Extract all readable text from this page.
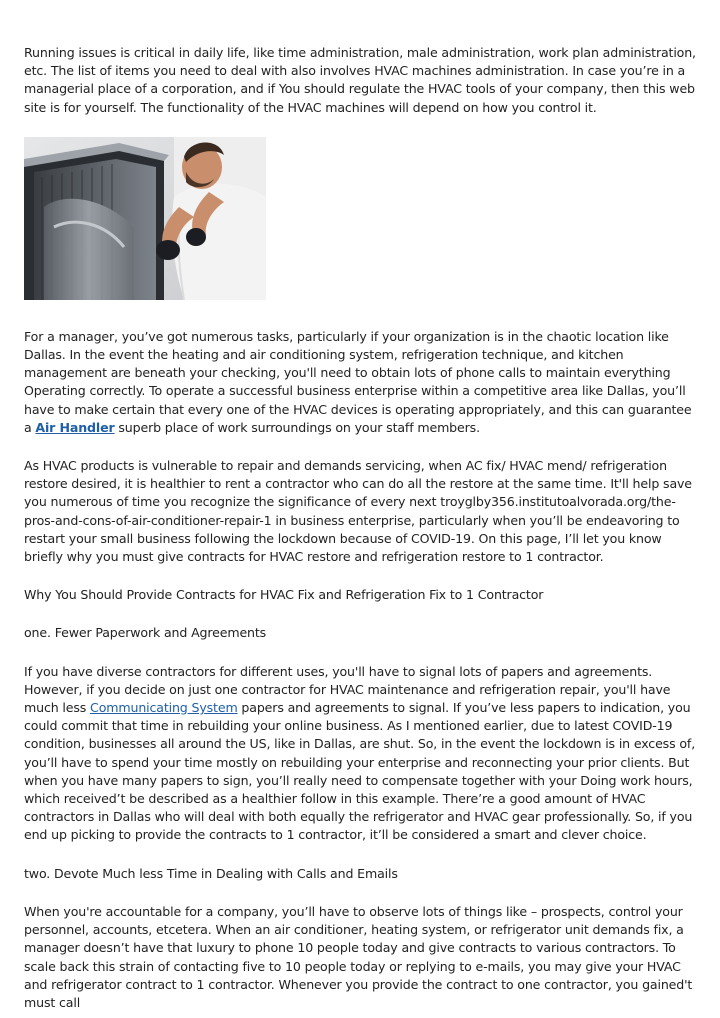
Running issues is critical in daily life, like time administration, male administration, work plan administration, etc. The list of items you need to deal with also involves HVAC machines administration. In case you’re in a managerial place of a corporation, and if You should regulate the HVAC tools of your company, then this web site is for yourself. The functionality of the HVAC machines will depend on how you control it.

For a manager, you’ve got numerous tasks, particularly if your organization is in the chaotic location like Dallas. In the event the heating and air conditioning system, refrigeration technique, and kitchen management are beneath your checking, you'll need to obtain lots of phone calls to maintain everything Operating correctly. To operate a successful business enterprise within a competitive area like Dallas, you’ll have to make certain that every one of the HVAC devices is operating appropriately, and this can guarantee a Air Handler superb place of work surroundings on your staff members.

As HVAC products is vulnerable to repair and demands servicing, when AC fix/ HVAC mend/ refrigeration restore desired, it is healthier to rent a contractor who can do all the restore at the same time. It'll help save you numerous of time you recognize the significance of every next troyglby356.institutoalvorada.org/the-pros-and-cons-of-air-conditioner-repair-1 in business enterprise, particularly when you’ll be endeavoring to restart your small business following the lockdown because of COVID-19. On this page, I’ll let you know briefly why you must give contracts for HVAC restore and refrigeration restore to 1 contractor.

Why You Should Provide Contracts for HVAC Fix and Refrigeration Fix to 1 Contractor

one. Fewer Paperwork and Agreements

If you have diverse contractors for different uses, you'll have to signal lots of papers and agreements. However, if you decide on just one contractor for HVAC maintenance and refrigeration repair, you'll have much less Communicating System papers and agreements to signal. If you’ve less papers to indication, you could commit that time in rebuilding your online business. As I mentioned earlier, due to latest COVID-19 condition, businesses all around the US, like in Dallas, are shut. So, in the event the lockdown is in excess of, you’ll have to spend your time mostly on rebuilding your enterprise and reconnecting your prior clients. But when you have many papers to sign, you’ll really need to compensate together with your Doing work hours, which received’t be described as a healthier follow in this example. There’re a good amount of HVAC contractors in Dallas who will deal with both equally the refrigerator and HVAC gear professionally. So, if you end up picking to provide the contracts to 1 contractor, it’ll be considered a smart and clever choice.

two. Devote Much less Time in Dealing with Calls and Emails

When you're accountable for a company, you’ll have to observe lots of things like – prospects, control your personnel, accounts, etcetera. When an air conditioner, heating system, or refrigerator unit demands fix, a manager doesn’t have that luxury to phone 10 people today and give contracts to various contractors. To scale back this strain of contacting five to 10 people today or replying to e-mails, you may give your HVAC and refrigerator contract to 1 contractor. Whenever you provide the contract to one contractor, you gained't must call
